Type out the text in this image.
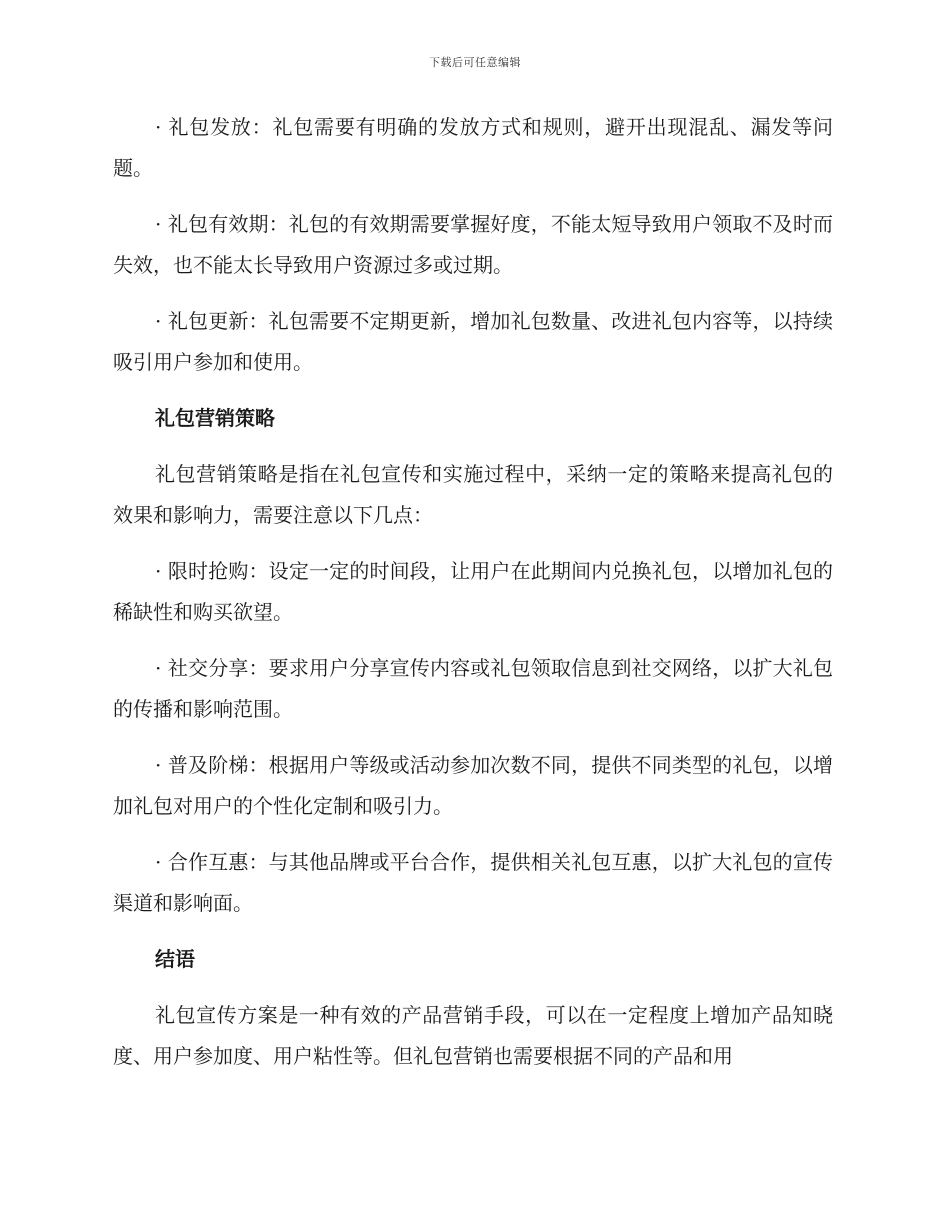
下载后可任意编辑

· 礼包发放：礼包需要有明确的发放方式和规则，避开出现混乱、漏发等问题。

· 礼包有效期：礼包的有效期需要掌握好度，不能太短导致用户领取不及时而失效，也不能太长导致用户资源过多或过期。

· 礼包更新：礼包需要不定期更新，增加礼包数量、改进礼包内容等，以持续吸引用户参加和使用。

礼包营销策略

礼包营销策略是指在礼包宣传和实施过程中，采纳一定的策略来提高礼包的效果和影响力，需要注意以下几点：

· 限时抢购：设定一定的时间段，让用户在此期间内兑换礼包，以增加礼包的稀缺性和购买欲望。

· 社交分享：要求用户分享宣传内容或礼包领取信息到社交网络，以扩大礼包的传播和影响范围。

· 普及阶梯：根据用户等级或活动参加次数不同，提供不同类型的礼包，以增加礼包对用户的个性化定制和吸引力。

· 合作互惠：与其他品牌或平台合作，提供相关礼包互惠，以扩大礼包的宣传渠道和影响面。

结语

礼包宣传方案是一种有效的产品营销手段，可以在一定程度上增加产品知晓度、用户参加度、用户粘性等。但礼包营销也需要根据不同的产品和用
